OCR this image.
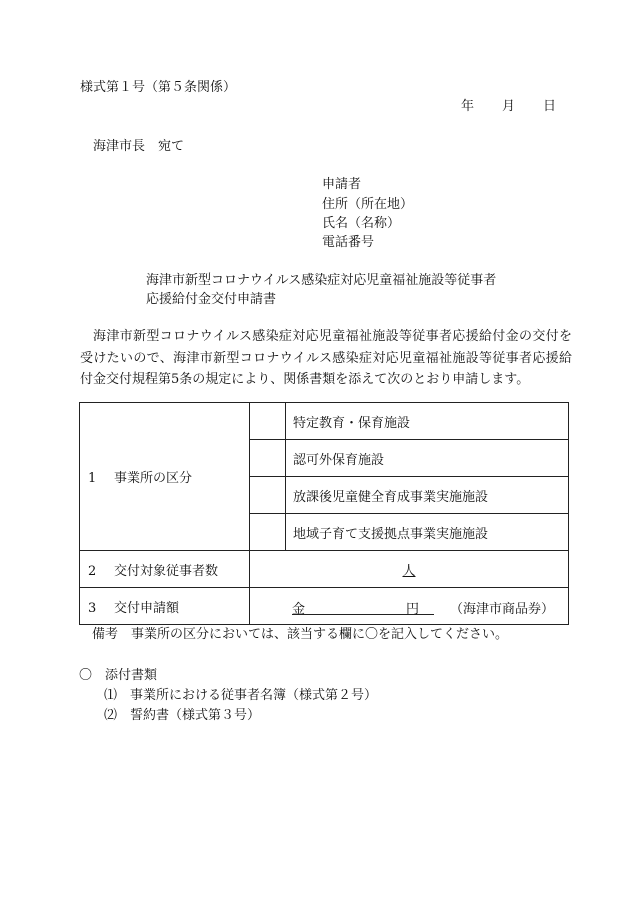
様式第１号（第５条関係）
年 月 日
海津市長　宛て
申請者
住所（所在地）
氏名（名称）
電話番号
海津市新型コロナウイルス感染症対応児童福祉施設等従事者
応援給付金交付申請書

海津市新型コロナウイルス感染症対応児童福祉施設等従事者応援給付金の交付を受けたいので、海津市新型コロナウイルス感染症対応児童福祉施設等従事者応援給付金交付規程第5条の規定により、関係書類を添えて次のとおり申請します。

1 事業所の区分		特定教育・保育施設
		認可外保育施設
		放課後児童健全育成事業実施施設
		地域子育て支援拠点事業実施施設
2 交付対象従事者数	人	
3 交付申請額	金 円 （海津市商品券）	
備考　事業所の区分においては、該当する欄に〇を記入してください。
〇　添付書類
⑴　事業所における従事者名簿（様式第２号）
⑵　誓約書（様式第３号）
